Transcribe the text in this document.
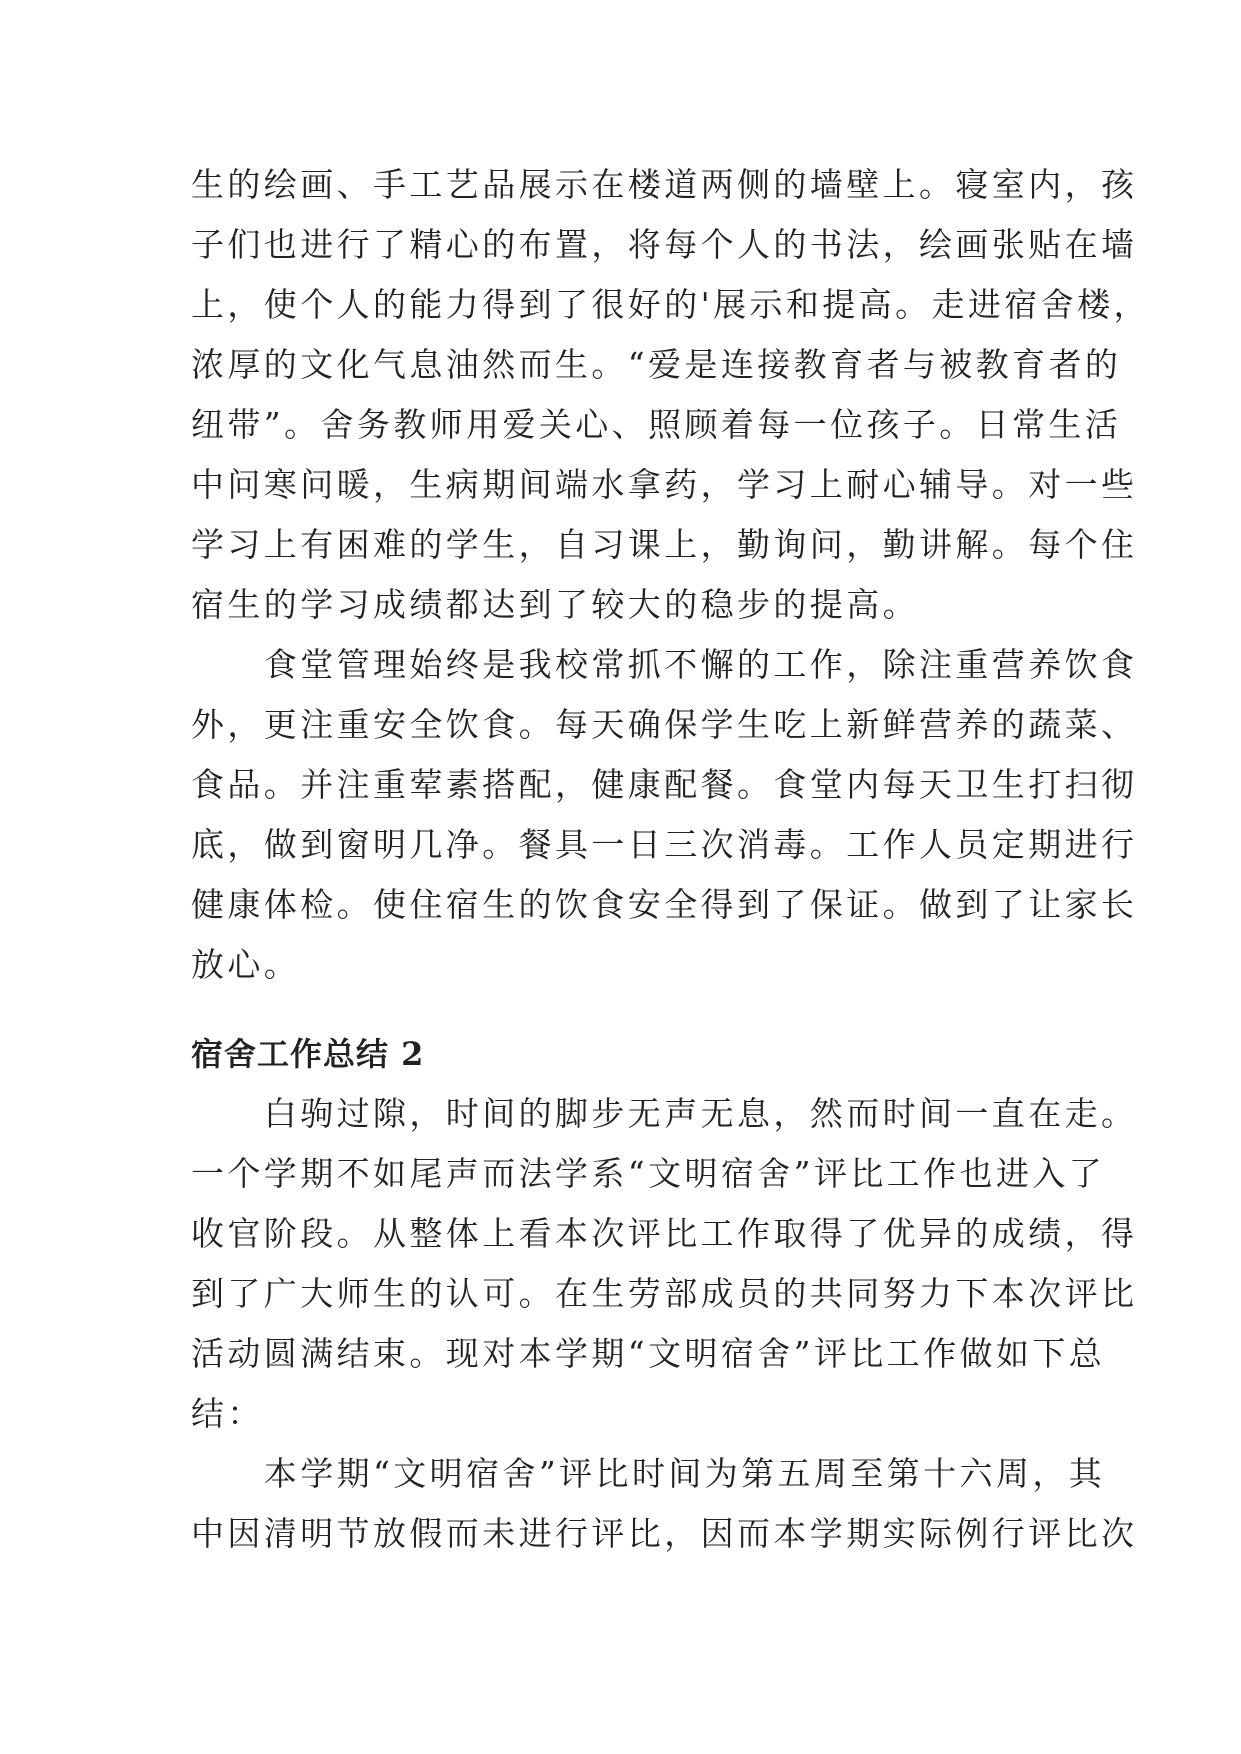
生的绘画、手工艺品展示在楼道两侧的墙壁上。寝室内，孩
子们也进行了精心的布置，将每个人的书法，绘画张贴在墙
上，使个人的能力得到了很好的'展示和提高。走进宿舍楼，
浓厚的文化气息油然而生。“爱是连接教育者与被教育者的
纽带”。舍务教师用爱关心、照顾着每一位孩子。日常生活
中问寒问暖，生病期间端水拿药，学习上耐心辅导。对一些
学习上有困难的学生，自习课上，勤询问，勤讲解。每个住
宿生的学习成绩都达到了较大的稳步的提高。
　　食堂管理始终是我校常抓不懈的工作，除注重营养饮食
外，更注重安全饮食。每天确保学生吃上新鲜营养的蔬菜、
食品。并注重荤素搭配，健康配餐。食堂内每天卫生打扫彻
底，做到窗明几净。餐具一日三次消毒。工作人员定期进行
健康体检。使住宿生的饮食安全得到了保证。做到了让家长
放心。
宿舍工作总结 2
　　白驹过隙，时间的脚步无声无息，然而时间一直在走。
一个学期不如尾声而法学系“文明宿舍”评比工作也进入了
收官阶段。从整体上看本次评比工作取得了优异的成绩，得
到了广大师生的认可。在生劳部成员的共同努力下本次评比
活动圆满结束。现对本学期“文明宿舍”评比工作做如下总
结：
　　本学期“文明宿舍”评比时间为第五周至第十六周，其
中因清明节放假而未进行评比，因而本学期实际例行评比次
